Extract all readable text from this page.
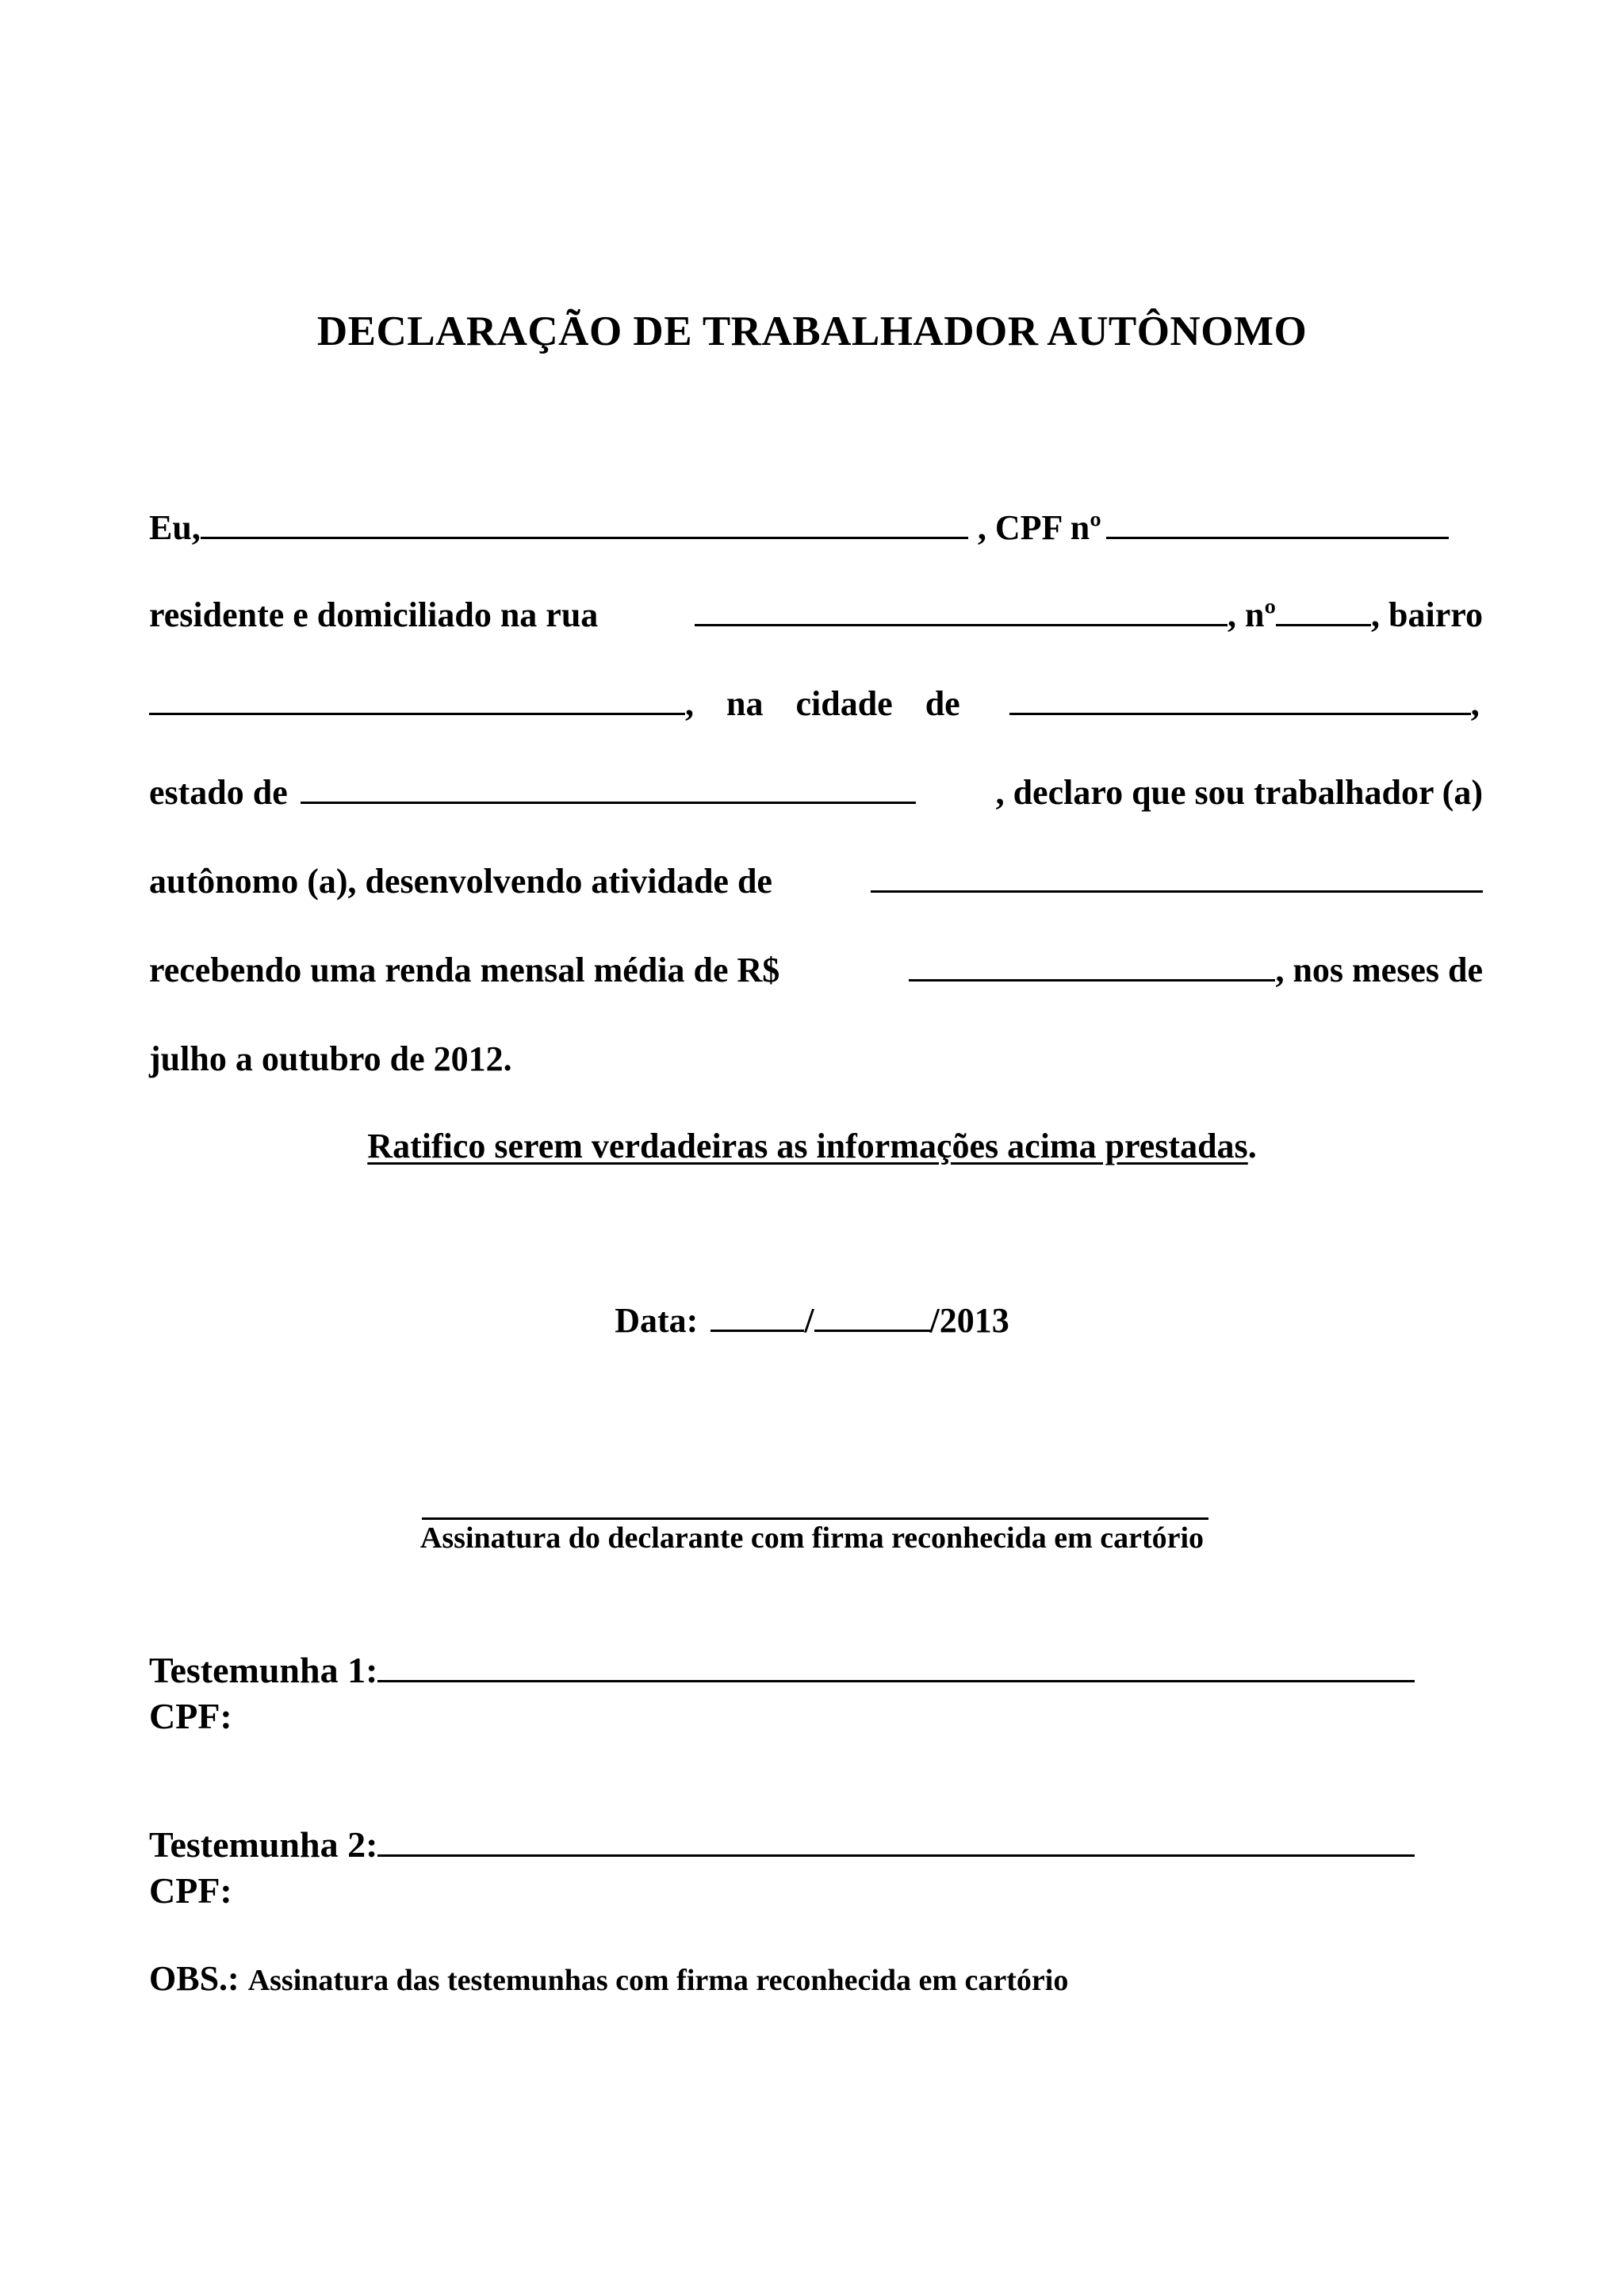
DECLARAÇÃO DE TRABALHADOR AUTÔNOMO
Eu,	, CPF nº
residente e domiciliado na rua	, nº	, bairro
, na cidade de	,
estado de	, declaro que sou trabalhador (a)
autônomo (a), desenvolvendo atividade de
recebendo uma renda mensal média de R$	, nos meses de
julho a outubro de 2012.
Ratifico serem verdadeiras as informações acima prestadas.
Data:	/	/2013
Assinatura do declarante com firma reconhecida em cartório
Testemunha 1:
CPF:
Testemunha 2:
CPF:
OBS.: Assinatura das testemunhas com firma reconhecida em cartório
